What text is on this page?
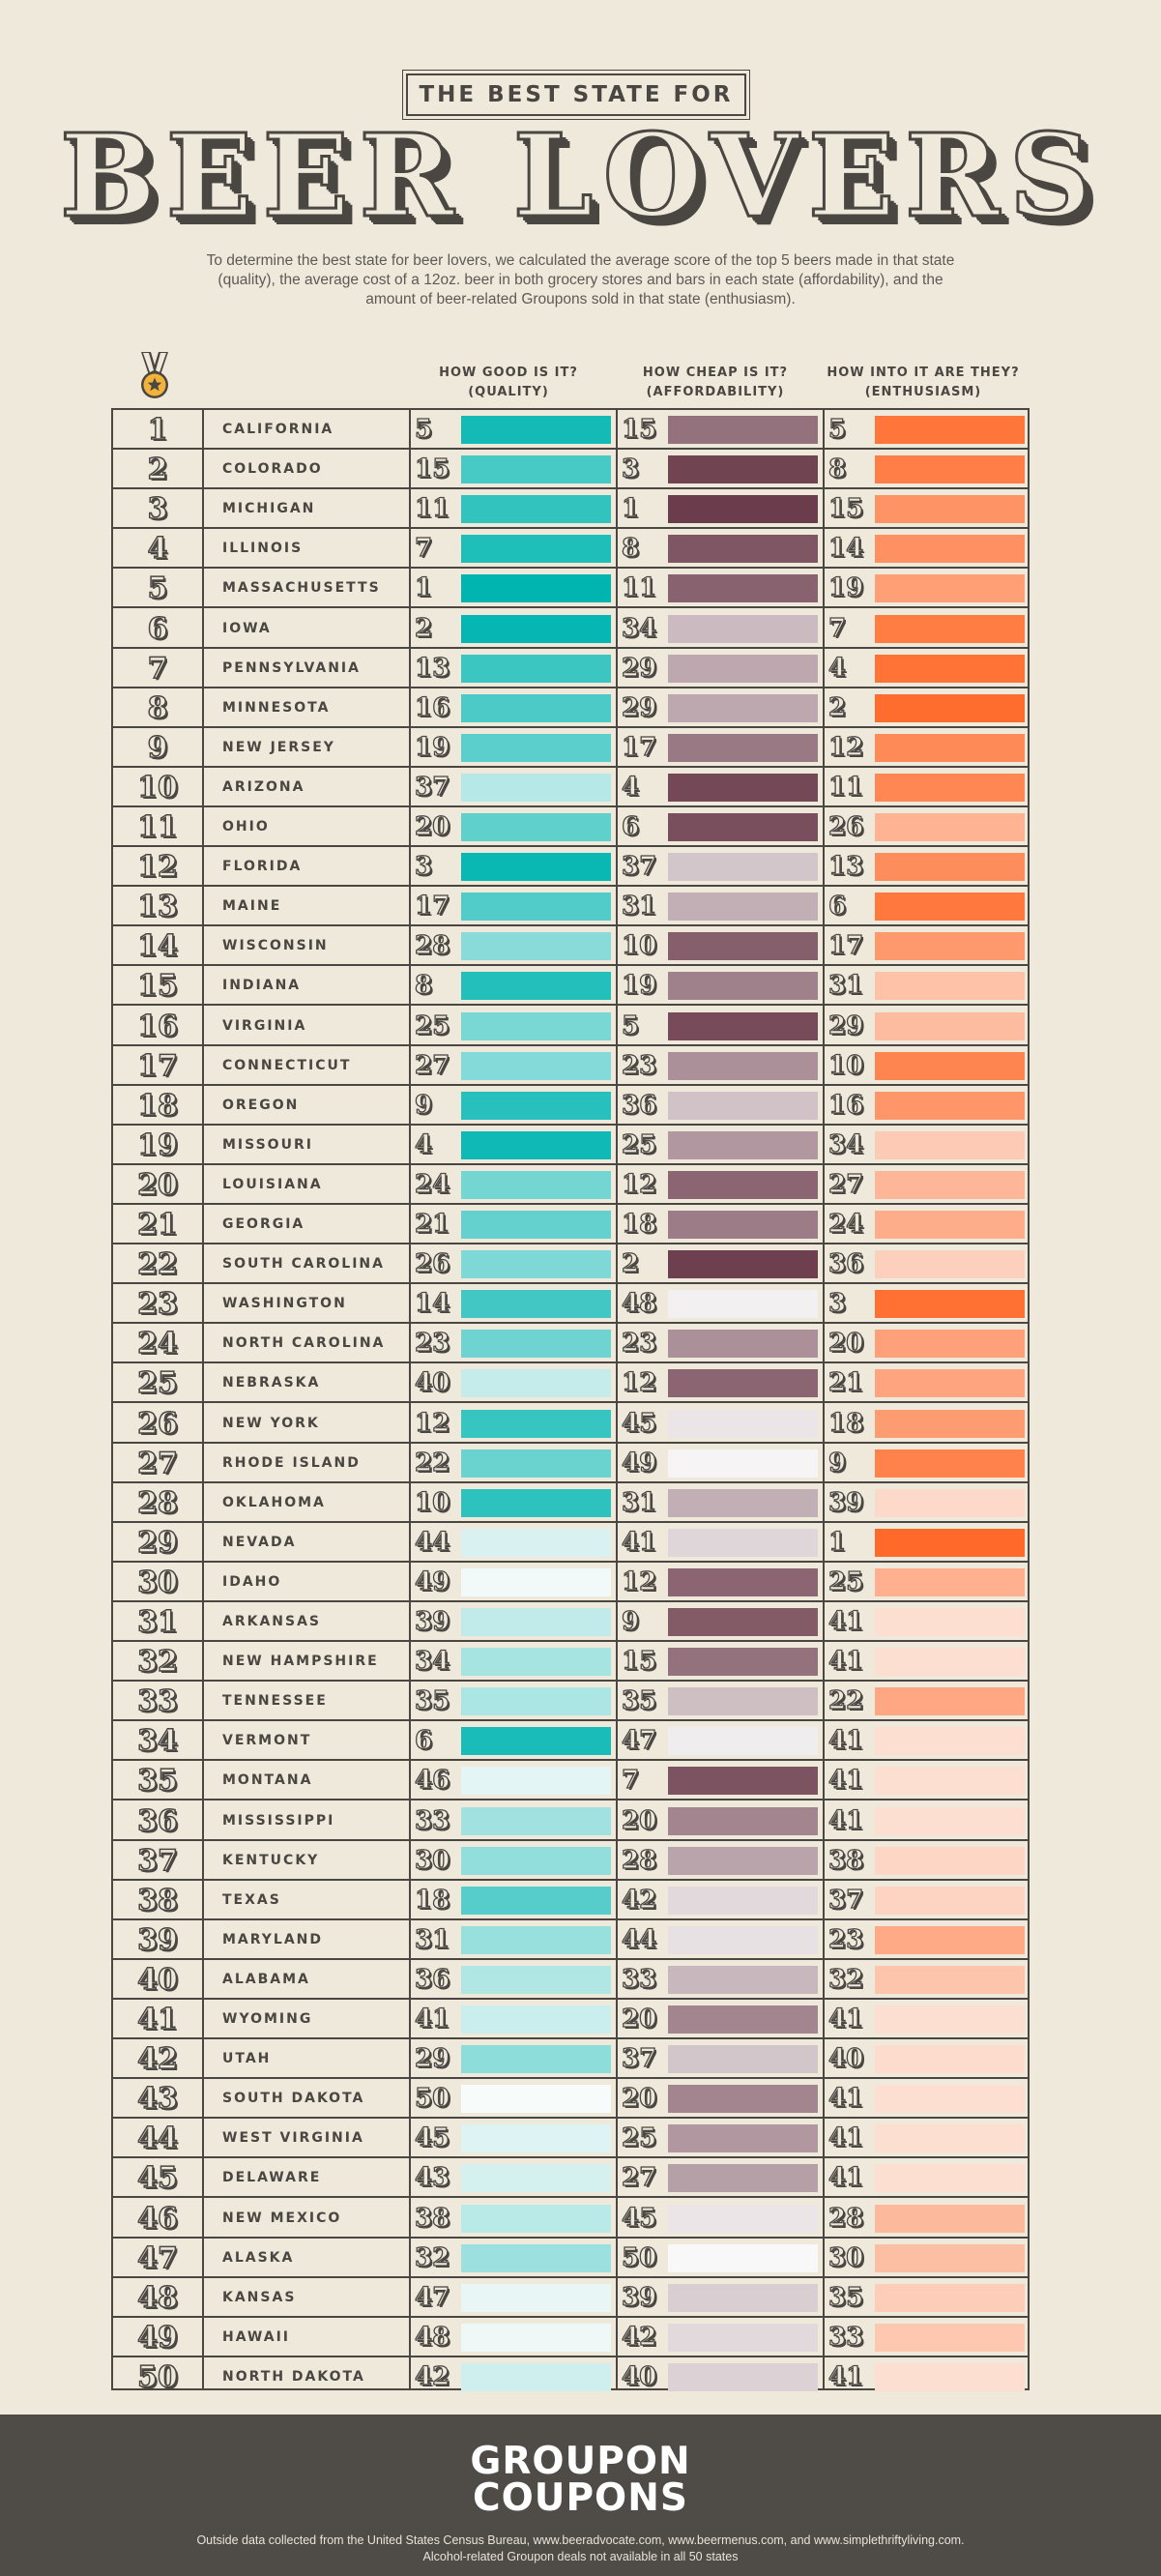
THE BEST STATE FOR
BEER LOVERS
To determine the best state for beer lovers, we calculated the average score of the top 5 beers made in that state (quality), the average cost of a 12oz. beer in both grocery stores and bars in each state (affordability), and the amount of beer-related Groupons sold in that state (enthusiasm).
HOW GOOD IS IT?
(QUALITY)
HOW CHEAP IS IT?
(AFFORDABILITY)
HOW INTO IT ARE THEY?
(ENTHUSIASM)
1	CALIFORNIA	5	15	5
2	COLORADO	15	3	8
3	MICHIGAN	11	1	15
4	ILLINOIS	7	8	14
5	MASSACHUSETTS 1	11	19
6	IOWA	2	34	7
7	PENNSYLVANIA 13	29	4
8	MINNESOTA	16	29	2
9	NEW JERSEY	19	17	12
10	ARIZONA	37	4	11
11	OHIO	20	6	26
12	FLORIDA	3	37	13
13	MAINE	17	31	6
14	WISCONSIN	28	10	17
15	INDIANA	8	19	31
16	VIRGINIA	25	5	29
17	CONNECTICUT	27	23	10
18	OREGON	9	36	16
19	MISSOURI	4	25	34
20	LOUISIANA	24	12	27
21	GEORGIA	21	18	24
22	SOUTH CAROLINA 26	2	36
23	WASHINGTON	14	48	3
24	NORTH CAROLINA 23	23	20
25	NEBRASKA	40	12	21
26	NEW YORK	12	45	18
27	RHODE ISLAND 22	49	9
28	OKLAHOMA	10	31	39
29	NEVADA	44	41	1
30	IDAHO	49	12	25
31	ARKANSAS	39	9	41
32	NEW HAMPSHIRE 34	15	41
33	TENNESSEE	35	35	22
34	VERMONT	6	47	41
35	MONTANA	46	7	41
36	MISSISSIPPI	33	20	41
37	KENTUCKY	30	28	38
38	TEXAS	18	42	37
39	MARYLAND	31	44	23
40	ALABAMA	36	33	32
41	WYOMING	41	20	41
42	UTAH	29	37	40
43	SOUTH DAKOTA 50	20	41
44	WEST VIRGINIA 45	25	41
45	DELAWARE	43	27	41
46	NEW MEXICO	38	45	28
47	ALASKA	32	50	30
48	KANSAS	47	39	35
49	HAWAII	48	42	33
50	NORTH DAKOTA 42	40	41
GROUPON
COUPONS
Outside data collected from the United States Census Bureau, www.beeradvocate.com, www.beermenus.com, and www.simplethriftyliving.com.
Alcohol-related Groupon deals not available in all 50 states
